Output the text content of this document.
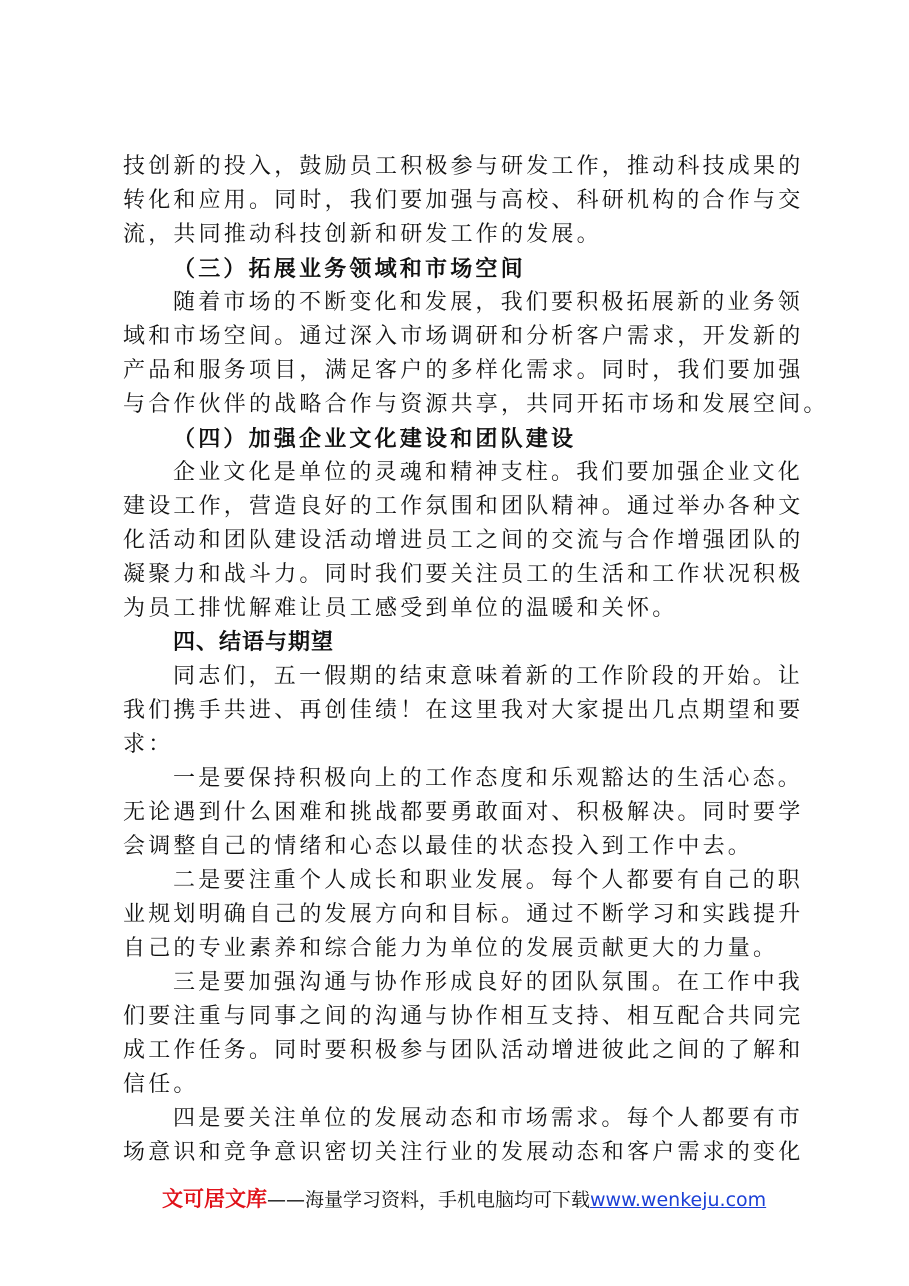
技创新的投入，鼓励员工积极参与研发工作，推动科技成果的
转化和应用。同时，我们要加强与高校、科研机构的合作与交
流，共同推动科技创新和研发工作的发展。
（三）拓展业务领域和市场空间
随着市场的不断变化和发展，我们要积极拓展新的业务领
域和市场空间。通过深入市场调研和分析客户需求，开发新的
产品和服务项目，满足客户的多样化需求。同时，我们要加强
与合作伙伴的战略合作与资源共享，共同开拓市场和发展空间。
（四）加强企业文化建设和团队建设
企业文化是单位的灵魂和精神支柱。我们要加强企业文化
建设工作，营造良好的工作氛围和团队精神。通过举办各种文
化活动和团队建设活动增进员工之间的交流与合作增强团队的
凝聚力和战斗力。同时我们要关注员工的生活和工作状况积极
为员工排忧解难让员工感受到单位的温暖和关怀。
四、结语与期望
同志们，五一假期的结束意味着新的工作阶段的开始。让
我们携手共进、再创佳绩！在这里我对大家提出几点期望和要
求：
一是要保持积极向上的工作态度和乐观豁达的生活心态。
无论遇到什么困难和挑战都要勇敢面对、积极解决。同时要学
会调整自己的情绪和心态以最佳的状态投入到工作中去。
二是要注重个人成长和职业发展。每个人都要有自己的职
业规划明确自己的发展方向和目标。通过不断学习和实践提升
自己的专业素养和综合能力为单位的发展贡献更大的力量。
三是要加强沟通与协作形成良好的团队氛围。在工作中我
们要注重与同事之间的沟通与协作相互支持、相互配合共同完
成工作任务。同时要积极参与团队活动增进彼此之间的了解和
信任。
四是要关注单位的发展动态和市场需求。每个人都要有市
场意识和竞争意识密切关注行业的发展动态和客户需求的变化
文可居文库——海量学习资料，手机电脑均可下载www.wenkeju.com
